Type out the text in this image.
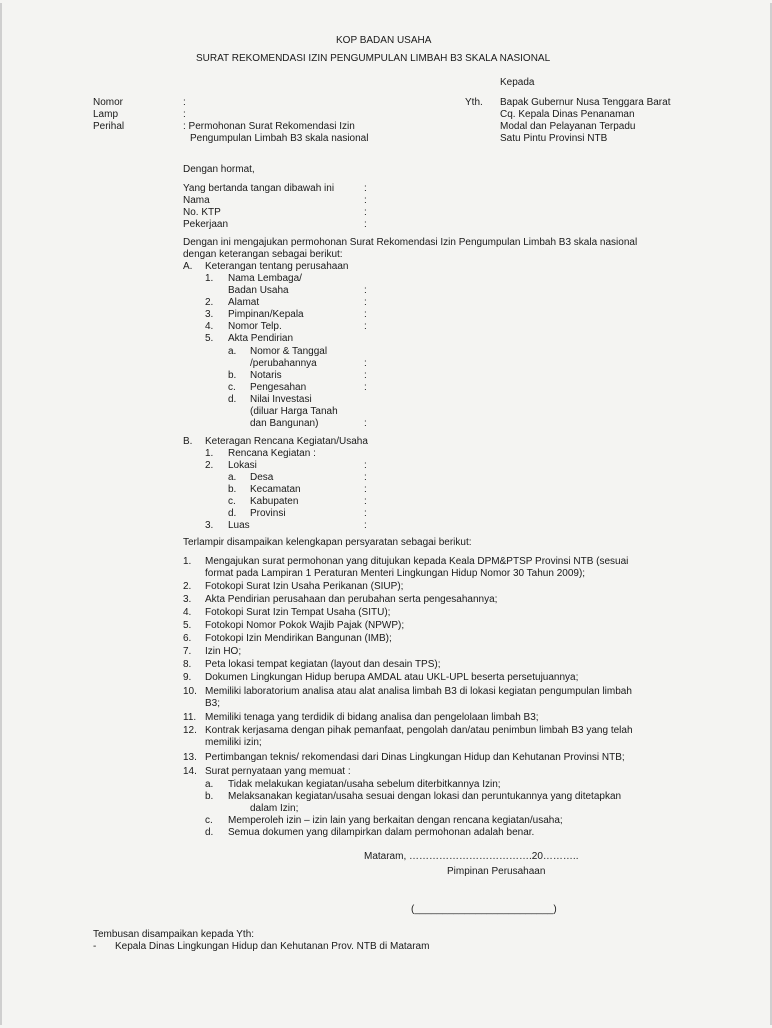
KOP BADAN USAHA
SURAT REKOMENDASI IZIN PENGUMPULAN LIMBAH B3 SKALA NASIONAL
Kepada
Yth. Bapak Gubernur Nusa Tenggara Barat
Cq. Kepala Dinas Penanaman
Modal dan Pelayanan Terpadu
Satu Pintu Provinsi NTB
Nomor	:
Lamp	:
Perihal	: Permohonan Surat Rekomendasi Izin
Pengumpulan Limbah B3 skala nasional
Dengan hormat,
Yang bertanda tangan dibawah ini	:
Nama	:
No. KTP	:
Pekerjaan	:
Dengan ini mengajukan permohonan Surat Rekomendasi Izin Pengumpulan Limbah B3 skala nasional
dengan keterangan sebagai berikut:
A. Keterangan tentang perusahaan
1. Nama Lembaga/
Badan Usaha	:
2. Alamat	:
3. Pimpinan/Kepala	:
4. Nomor Telp.	:
5. Akta Pendirian
a. Nomor & Tanggal
/perubahannya	:
b. Notaris	:
c. Pengesahan	:
d. Nilai Investasi
(diluar Harga Tanah
dan Bangunan)	:
B. Keteragan Rencana Kegiatan/Usaha
1. Rencana Kegiatan :
2. Lokasi	:
a. Desa	:
b. Kecamatan	:
c. Kabupaten	:
d. Provinsi	:
3. Luas	:
Terlampir disampaikan kelengkapan persyaratan sebagai berikut:
1. Mengajukan surat permohonan yang ditujukan kepada Keala DPM&PTSP Provinsi NTB (sesuai
format pada Lampiran 1 Peraturan Menteri Lingkungan Hidup Nomor 30 Tahun 2009);
2. Fotokopi Surat Izin Usaha Perikanan (SIUP);
3. Akta Pendirian perusahaan dan perubahan serta pengesahannya;
4. Fotokopi Surat Izin Tempat Usaha (SITU);
5. Fotokopi Nomor Pokok Wajib Pajak (NPWP);
6. Fotokopi Izin Mendirikan Bangunan (IMB);
7. Izin HO;
8. Peta lokasi tempat kegiatan (layout dan desain TPS);
9. Dokumen Lingkungan Hidup berupa AMDAL atau UKL-UPL beserta persetujuannya;
10. Memiliki laboratorium analisa atau alat analisa limbah B3 di lokasi kegiatan pengumpulan limbah
B3;
11. Memiliki tenaga yang terdidik di bidang analisa dan pengelolaan limbah B3;
12. Kontrak kerjasama dengan pihak pemanfaat, pengolah dan/atau penimbun limbah B3 yang telah
memiliki izin;
13. Pertimbangan teknis/ rekomendasi dari Dinas Lingkungan Hidup dan Kehutanan Provinsi NTB;
14. Surat pernyataan yang memuat :
a. Tidak melakukan kegiatan/usaha sebelum diterbitkannya Izin;
b. Melaksanakan kegiatan/usaha sesuai dengan lokasi dan peruntukannya yang ditetapkan
dalam Izin;
c. Memperoleh izin – izin lain yang berkaitan dengan rencana kegiatan/usaha;
d. Semua dokumen yang dilampirkan dalam permohonan adalah benar.
Mataram, ……………………………….20………..
Pimpinan Perusahaan
(_________________________)
Tembusan disampaikan kepada Yth:
- Kepala Dinas Lingkungan Hidup dan Kehutanan Prov. NTB di Mataram
